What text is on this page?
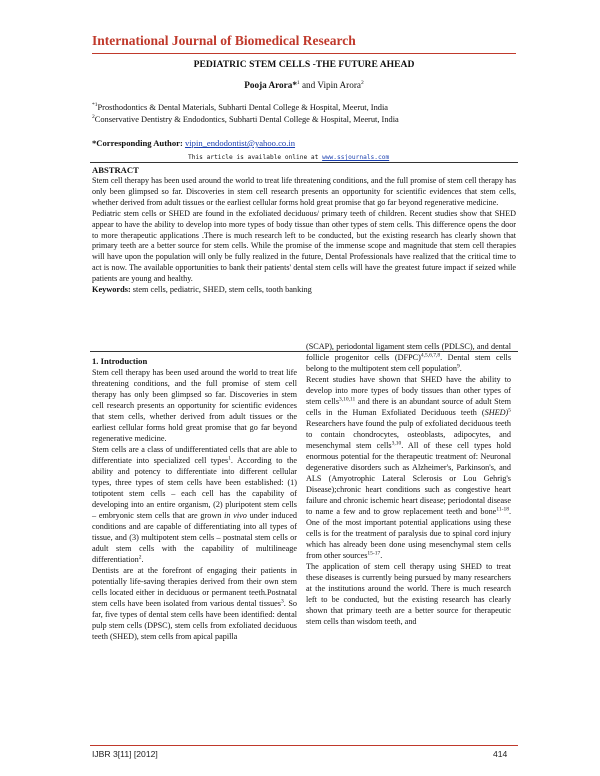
International Journal of Biomedical Research
PEDIATRIC STEM CELLS -THE FUTURE AHEAD
Pooja Arora*$^1$ and Vipin Arora$^2$
$^{*1}$Prosthodontics & Dental Materials, Subharti Dental College & Hospital, Meerut, India
$^2$Conservative Dentistry & Endodontics, Subharti Dental College & Hospital, Meerut, India
*Corresponding Author: vipin_endodontist@yahoo.co.in
This article is available online at www.ssjournals.com
ABSTRACT

Stem cell therapy has been used around the world to treat life threatening conditions, and the full promise of stem cell therapy has only been glimpsed so far. Discoveries in stem cell research presents an opportunity for scientific evidences that stem cells, whether derived from adult tissues or the earliest cellular forms hold great promise that go far beyond regenerative medicine.

Pediatric stem cells or SHED are found in the exfoliated deciduous/ primary teeth of children. Recent studies show that SHED appear to have the ability to develop into more types of body tissue than other types of stem cells. This difference opens the door to more therapeutic applications .There is much research left to be conducted, but the existing research has clearly shown that primary teeth are a better source for stem cells. While the promise of the immense scope and magnitude that stem cell therapies will have upon the population will only be fully realized in the future, Dental Professionals have realized that the critical time to act is now. The available opportunities to bank their patients' dental stem cells will have the greatest future impact if seized while patients are young and healthy.

Keywords: stem cells, pediatric, SHED, stem cells, tooth banking

1. Introduction

Stem cell therapy has been used around the world to treat life threatening conditions, and the full promise of stem cell therapy has only been glimpsed so far. Discoveries in stem cell research presents an opportunity for scientific evidences that stem cells, whether derived from adult tissues or the earliest cellular forms hold great promise that go far beyond regenerative medicine.

Stem cells are a class of undifferentiated cells that are able to differentiate into specialized cell types$^1$. According to the ability and potency to differentiate into different cellular types, three types of stem cells have been established: (1) totipotent stem cells – each cell has the capability of developing into an entire organism, (2) pluripotent stem cells – embryonic stem cells that are grown in vivo under induced conditions and are capable of differentiating into all types of tissue, and (3) multipotent stem cells – postnatal stem cells or adult stem cells with the capability of multilineage differentiation$^2$.

Dentists are at the forefront of engaging their patients in potentially life-saving therapies derived from their own stem cells located either in deciduous or permanent teeth.Postnatal stem cells have been isolated from various dental tissues$^3$. So far, five types of dental stem cells have been identified: dental pulp stem cells (DPSC), stem cells from exfoliated deciduous teeth (SHED), stem cells from apical papilla

(SCAP), periodontal ligament stem cells (PDLSC), and dental follicle progenitor cells (DFPC)$^{4,5,6,7,8}$. Dental stem cells belong to the multipotent stem cell population$^9$.

Recent studies have shown that SHED have the ability to develop into more types of body tissues than other types of stem cells$^{3,10,11}$ and there is an abundant source of adult Stem cells in the Human Exfoliated Deciduous teeth (SHED)$^5$ Researchers have found the pulp of exfoliated deciduous teeth to contain chondrocytes, osteoblasts, adipocytes, and mesenchymal stem cells$^{3,10}$. All of these cell types hold enormous potential for the therapeutic treatment of: Neuronal degenerative disorders such as Alzheimer's, Parkinson's, and ALS (Amyotrophic Lateral Sclerosis or Lou Gehrig's Disease);chronic heart conditions such as congestive heart failure and chronic ischemic heart disease; periodontal disease to name a few and to grow replacement teeth and bone$^{11-18}$. One of the most important potential applications using these cells is for the treatment of paralysis due to spinal cord injury which has already been done using mesenchymal stem cells from other sources$^{15-17}$.

The application of stem cell therapy using SHED to treat these diseases is currently being pursued by many researchers at the institutions around the world. There is much research left to be conducted, but the existing research has clearly shown that primary teeth are a better source for therapeutic stem cells than wisdom teeth, and

IJBR 3[11] [2012]	414
